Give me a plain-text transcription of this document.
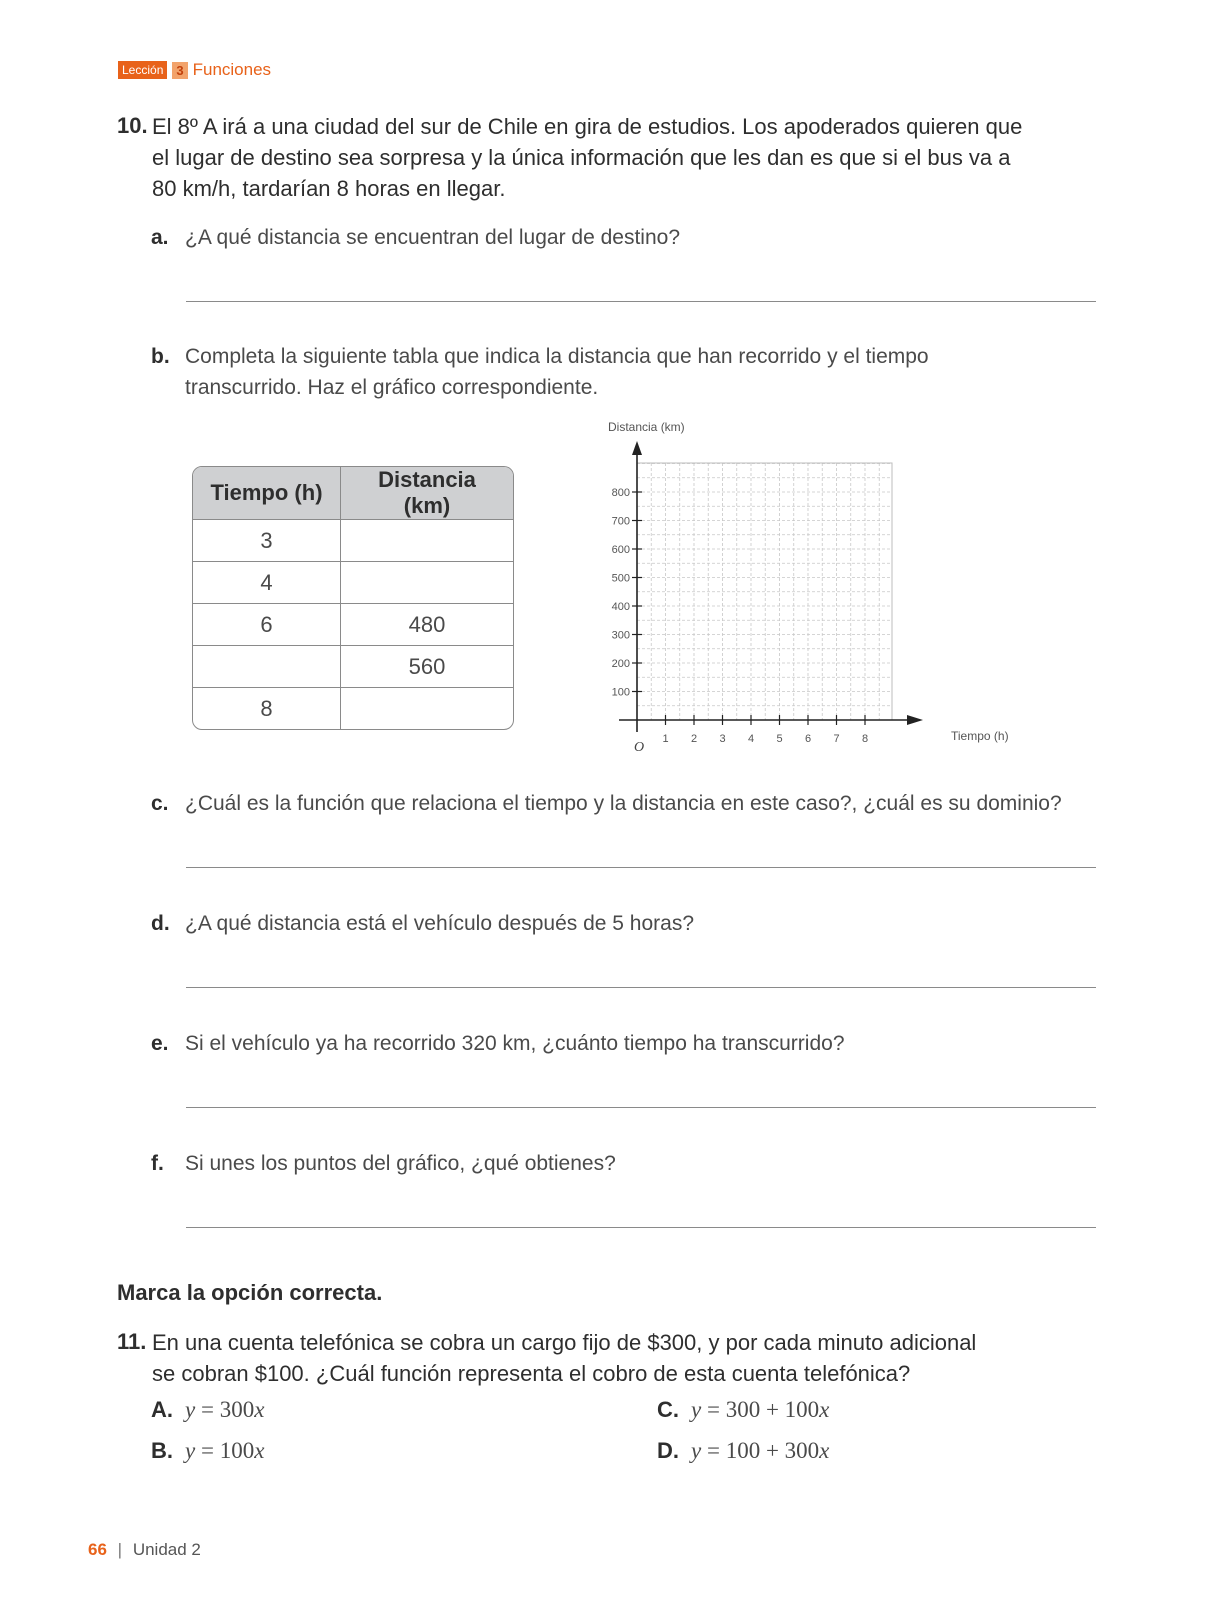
Lección	3 Funciones
10. El 8º A irá a una ciudad del sur de Chile en gira de estudios. Los apoderados quieren que
el lugar de destino sea sorpresa y la única información que les dan es que si el bus va a
80 km/h, tardarían 8 horas en llegar.
a. ¿A qué distancia se encuentran del lugar de destino?
b. Completa la siguiente tabla que indica la distancia que han recorrido y el tiempo
transcurrido. Haz el gráfico correspondiente.
Tiempo (h)	Distancia (km)
3	
4	
6	480
	560
8	
1 2 3 4 5 6 7 8
100
200
300
400
500
600
700
800
Distancia (km)
Tiempo (h)
O
c. ¿Cuál es la función que relaciona el tiempo y la distancia en este caso?, ¿cuál es su dominio?
d. ¿A qué distancia está el vehículo después de 5 horas?
e. Si el vehículo ya ha recorrido 320 km, ¿cuánto tiempo ha transcurrido?
f. Si unes los puntos del gráfico, ¿qué obtienes?
Marca la opción correcta.
11. En una cuenta telefónica se cobra un cargo fijo de $300, y por cada minuto adicional
se cobran $100. ¿Cuál función representa el cobro de esta cuenta telefónica?
A. y = 300x
B. y = 100x
C. y = 300 + 100x
D. y = 100 + 300x
66 | Unidad 2
